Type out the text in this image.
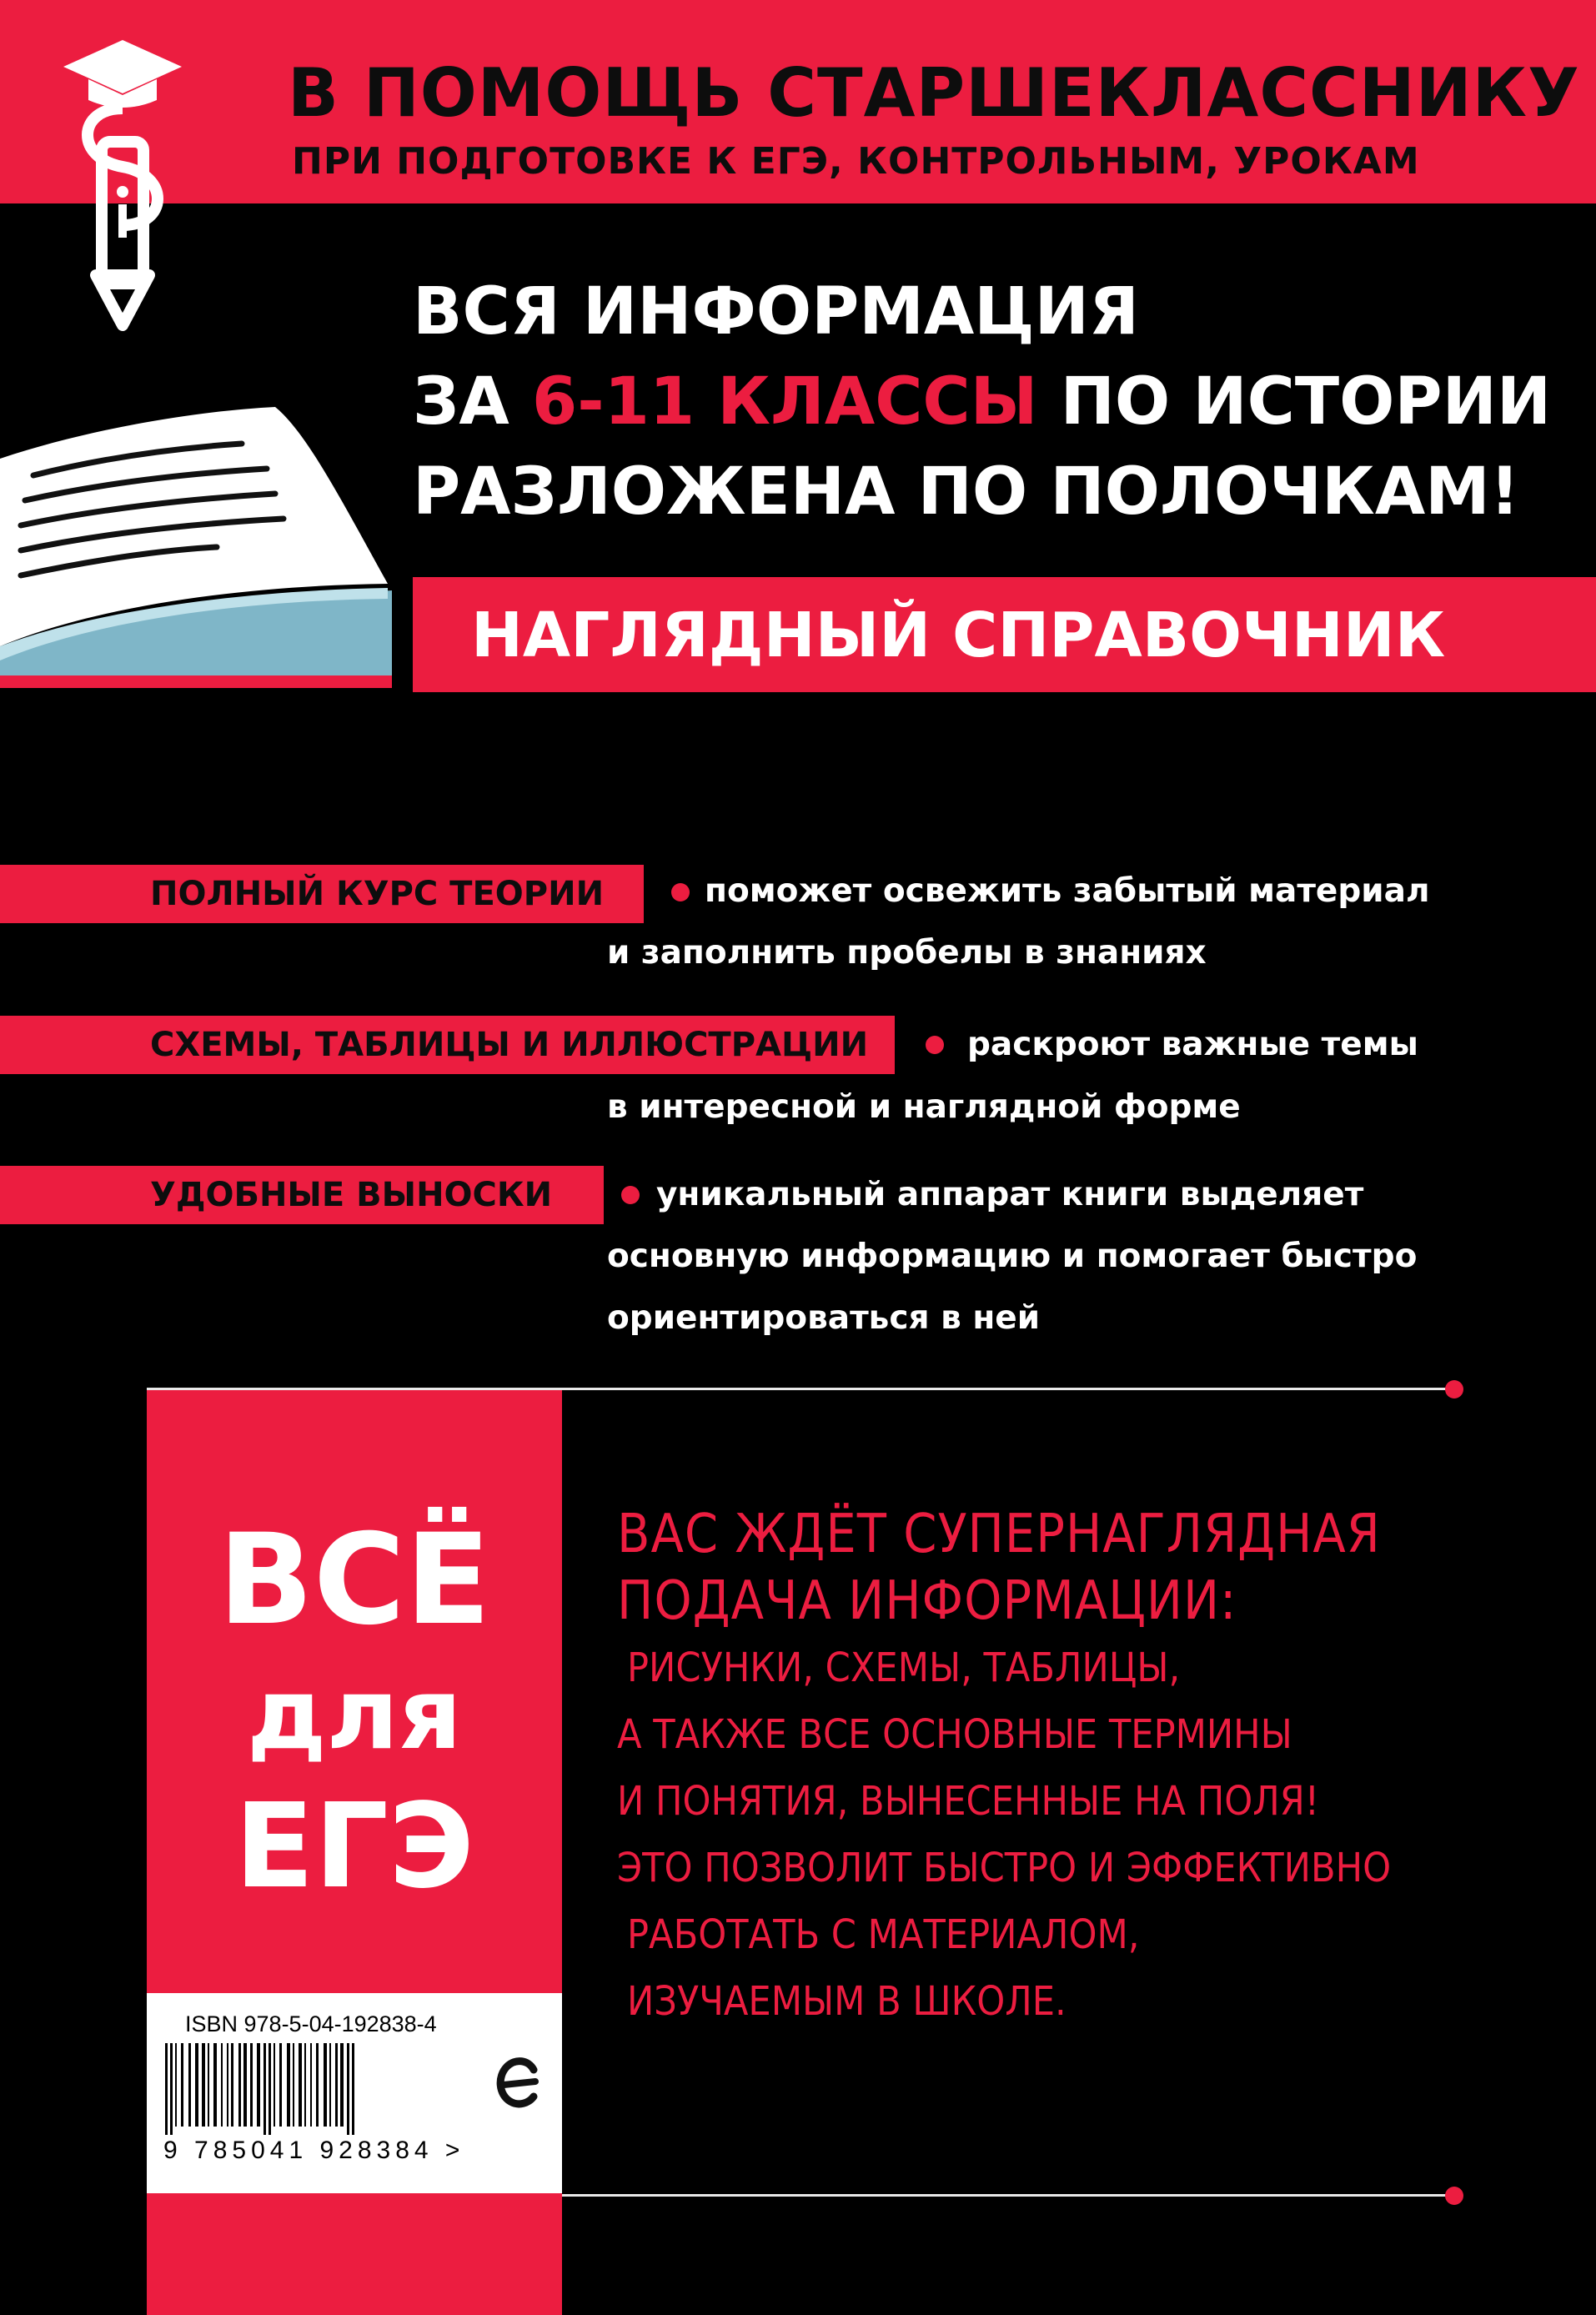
В ПОМОЩЬ СТАРШЕКЛАССНИКУ
ПРИ ПОДГОТОВКЕ К ЕГЭ, КОНТРОЛЬНЫМ, УРОКАМ
ВСЯ ИНФОРМАЦИЯ
ЗА 6-11 КЛАССЫ ПО ИСТОРИИ
РАЗЛОЖЕНА ПО ПОЛОЧКАМ!
НАГЛЯДНЫЙ СПРАВОЧНИК
ПОЛНЫЙ КУРС ТЕОРИИ	поможет освежить забытый материал
и заполнить пробелы в знаниях
СХЕМЫ, ТАБЛИЦЫ И ИЛЛЮСТРАЦИИ	раскроют важные темы
в интересной и наглядной форме
УДОБНЫЕ ВЫНОСКИ	уникальный аппарат книги выделяет
основную информацию и помогает быстро
ориентироваться в ней
ВСЁ
для
ЕГЭ
ВАС ЖДЁТ СУПЕРНАГЛЯДНАЯ
ПОДАЧА ИНФОРМАЦИИ:
РИСУНКИ, СХЕМЫ, ТАБЛИЦЫ,
А ТАКЖЕ ВСЕ ОСНОВНЫЕ ТЕРМИНЫ
И ПОНЯТИЯ, ВЫНЕСЕННЫЕ НА ПОЛЯ!
ЭТО ПОЗВОЛИТ БЫСТРО И ЭФФЕКТИВНО
РАБОТАТЬ С МАТЕРИАЛОМ,
ИЗУЧАЕМЫМ В ШКОЛЕ.
ISBN 978-5-04-192838-4
9 785041 928384 >
